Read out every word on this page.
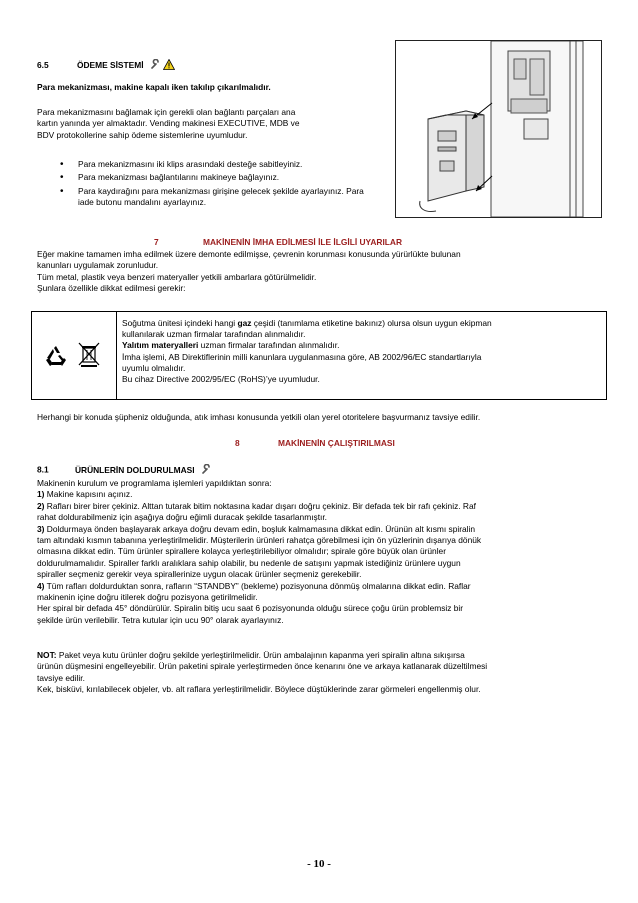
6.5	ÖDEME SİSTEMİ

Para mekanizması, makine kapalı iken takılıp çıkarılmalıdır.

Para mekanizmasını bağlamak için gerekli olan bağlantı parçaları ana
kartın yanında yer almaktadır. Vending makinesi EXECUTIVE, MDB ve
BDV protokollerine sahip ödeme sistemlerine uyumludur.
• Para mekanizmasını iki klips arasındaki desteğe sabitleyiniz.
• Para mekanizması bağlantılarını makineye bağlayınız.
• Para kaydırağını para mekanizması girişine gelecek şekilde ayarlayınız. Para iade butonu mandalını ayarlayınız.
7	MAKİNENİN İMHA EDİLMESİ İLE İLGİLİ UYARILAR
Eğer makine tamamen imha edilmek üzere demonte edilmişse, çevrenin korunması konusunda yürürlükte bulunan
kanunları uygulamak zorunludur.
Tüm metal, plastik veya benzeri materyaller yetkili ambarlara götürülmelidir.
Şunlara özellikle dikkat edilmesi gerekir:
Soğutma ünitesi içindeki hangi gaz çeşidi (tanımlama etiketine bakınız) olursa olsun uygun ekipman
kullanılarak uzman firmalar tarafından alınmalıdır.
Yalıtım materyalleri uzman firmalar tarafından alınmalıdır.
İmha işlemi, AB Direktiflerinin milli kanunlara uygulanmasına göre, AB 2002/96/EC standartlarıyla
uyumlu olmalıdır.
Bu cihaz Directive 2002/95/EC (RoHS)’ye uyumludur.

Herhangi bir konuda şüpheniz olduğunda, atık imhası konusunda yetkili olan yerel otoritelere başvurmanız tavsiye edilir.

8	MAKİNENİN ÇALIŞTIRILMASI
8.1	ÜRÜNLERİN DOLDURULMASI
Makinenin kurulum ve programlama işlemleri yapıldıktan sonra:
1) Makine kapısını açınız.
2) Rafları birer birer çekiniz. Alttan tutarak bitim noktasına kadar dışarı doğru çekiniz. Bir defada tek bir rafı çekiniz. Raf
rahat doldurabilmeniz için aşağıya doğru eğimli duracak şekilde tasarlanmıştır.
3) Doldurmaya önden başlayarak arkaya doğru devam edin, boşluk kalmamasına dikkat edin. Ürünün alt kısmı spiralin
tam altındaki kısmın tabanına yerleştirilmelidir. Müşterilerin ürünleri rahatça görebilmesi için ön yüzlerinin dışarıya dönük
olmasına dikkat edin. Tüm ürünler spirallere kolayca yerleştirilebiliyor olmalıdır; spirale göre büyük olan ürünler
doldurulmamalıdır. Spiraller farklı aralıklara sahip olabilir, bu nedenle de satışını yapmak istediğiniz ürünlere uygun
spiraller seçmeniz gerekir veya spirallerinize uygun olacak ürünler seçmeniz gerekebilir.
4) Tüm rafları doldurduktan sonra, rafların “STANDBY” (bekleme) pozisyonuna dönmüş olmalarına dikkat edin. Raflar
makinenin içine doğru itilerek doğru pozisyona getirilmelidir.
Her spiral bir defada 45° döndürülür. Spiralin bitiş ucu saat 6 pozisyonunda olduğu sürece çoğu ürün problemsiz bir
şekilde ürün verilebilir. Tetra kutular için ucu 90° olarak ayarlayınız.
NOT: Paket veya kutu ürünler doğru şekilde yerleştirilmelidir. Ürün ambalajının kapanma yeri spiralin altına sıkışırsa
ürünün düşmesini engelleyebilir. Ürün paketini spirale yerleştirmeden önce kenarını öne ve arkaya katlanarak düzeltilmesi
tavsiye edilir.
Kek, bisküvi, kırılabilecek objeler, vb. alt raflara yerleştirilmelidir. Böylece düştüklerinde zarar görmeleri engellenmiş olur.
- 10 -
